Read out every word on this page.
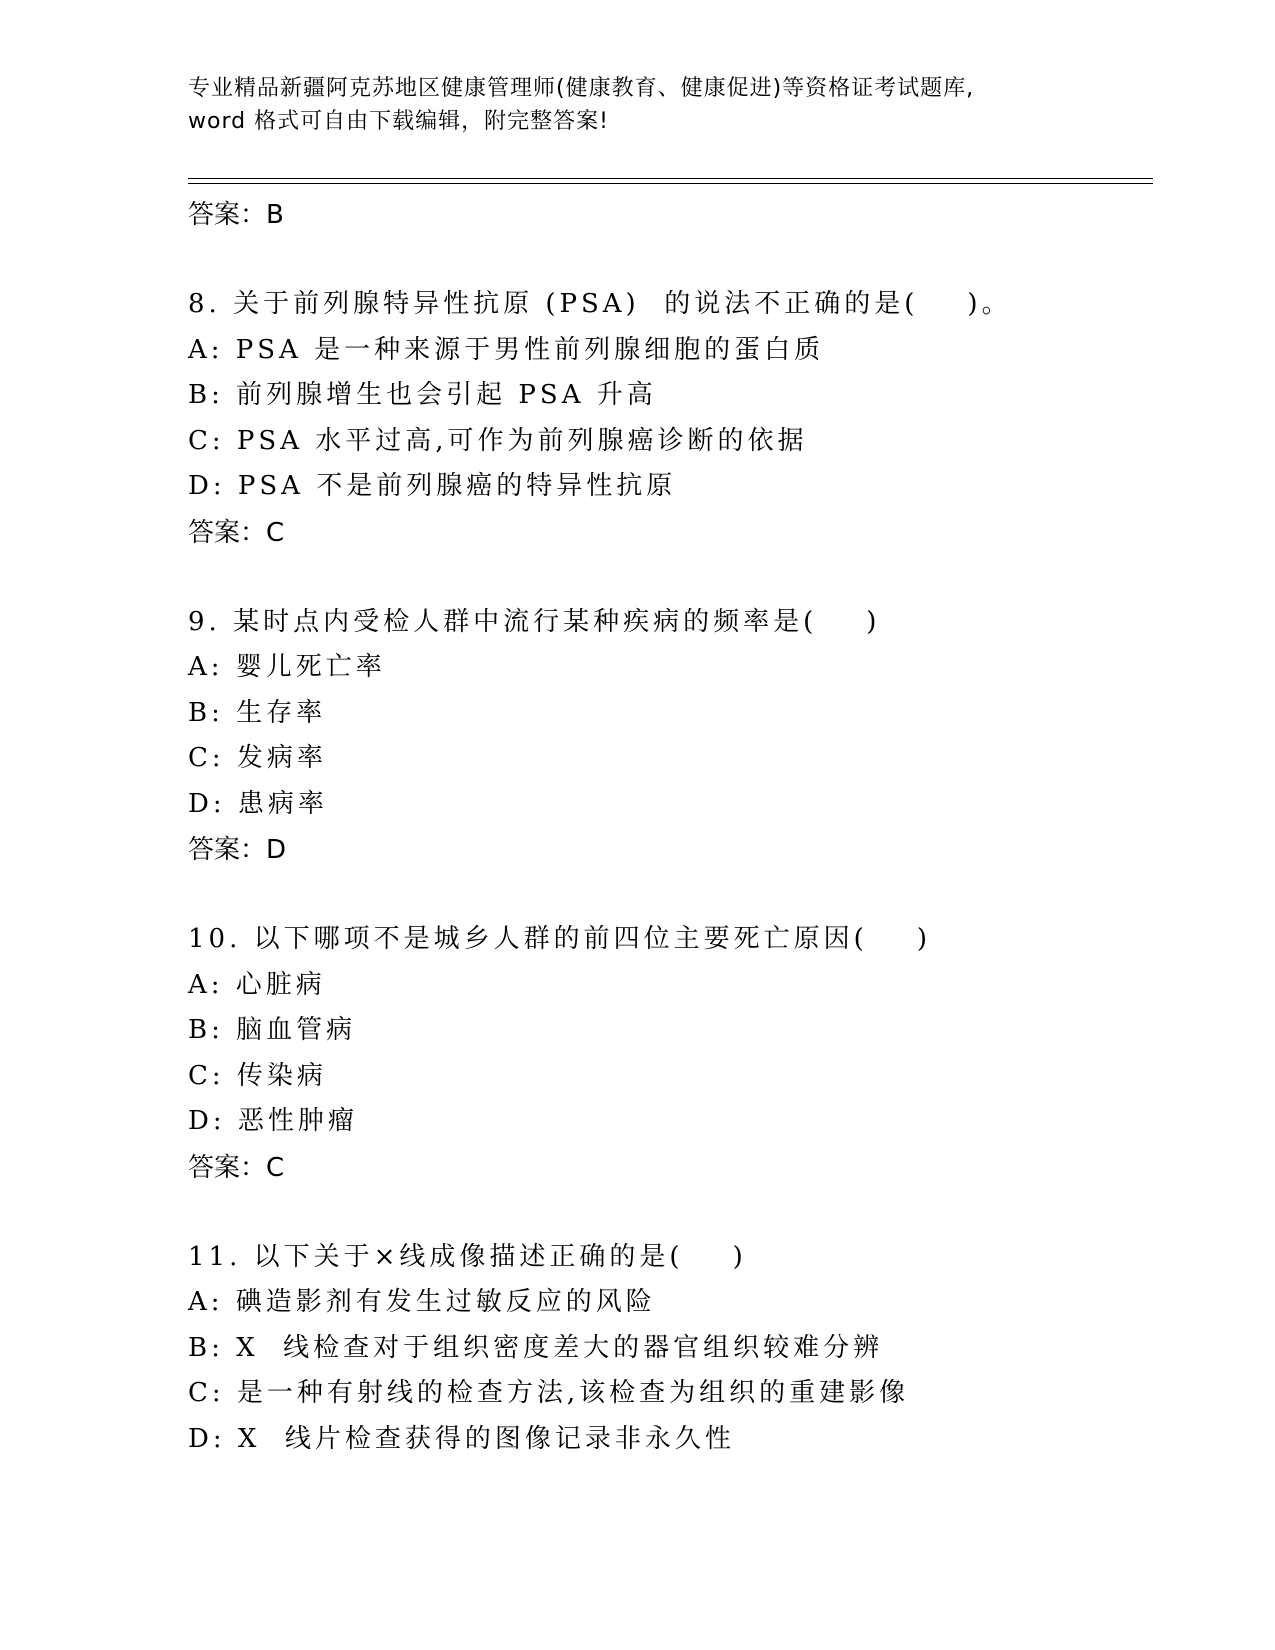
专业精品新疆阿克苏地区健康管理师(健康教育、健康促进)等资格证考试题库,
word 格式可自由下载编辑，附完整答案!
答案：B
8. 关于前列腺特异性抗原 (PSA)  的说法不正确的是(    )。
A: PSA 是一种来源于男性前列腺细胞的蛋白质
B: 前列腺增生也会引起 PSA 升高
C: PSA 水平过高,可作为前列腺癌诊断的依据
D: PSA 不是前列腺癌的特异性抗原
答案：C
9. 某时点内受检人群中流行某种疾病的频率是(    )
A: 婴儿死亡率
B: 生存率
C: 发病率
D: 患病率
答案：D
10. 以下哪项不是城乡人群的前四位主要死亡原因(    )
A: 心脏病
B: 脑血管病
C: 传染病
D: 恶性肿瘤
答案：C
11. 以下关于×线成像描述正确的是(    )
A: 碘造影剂有发生过敏反应的风险
B: X  线检查对于组织密度差大的器官组织较难分辨
C: 是一种有射线的检查方法,该检查为组织的重建影像
D: X  线片检查获得的图像记录非永久性
